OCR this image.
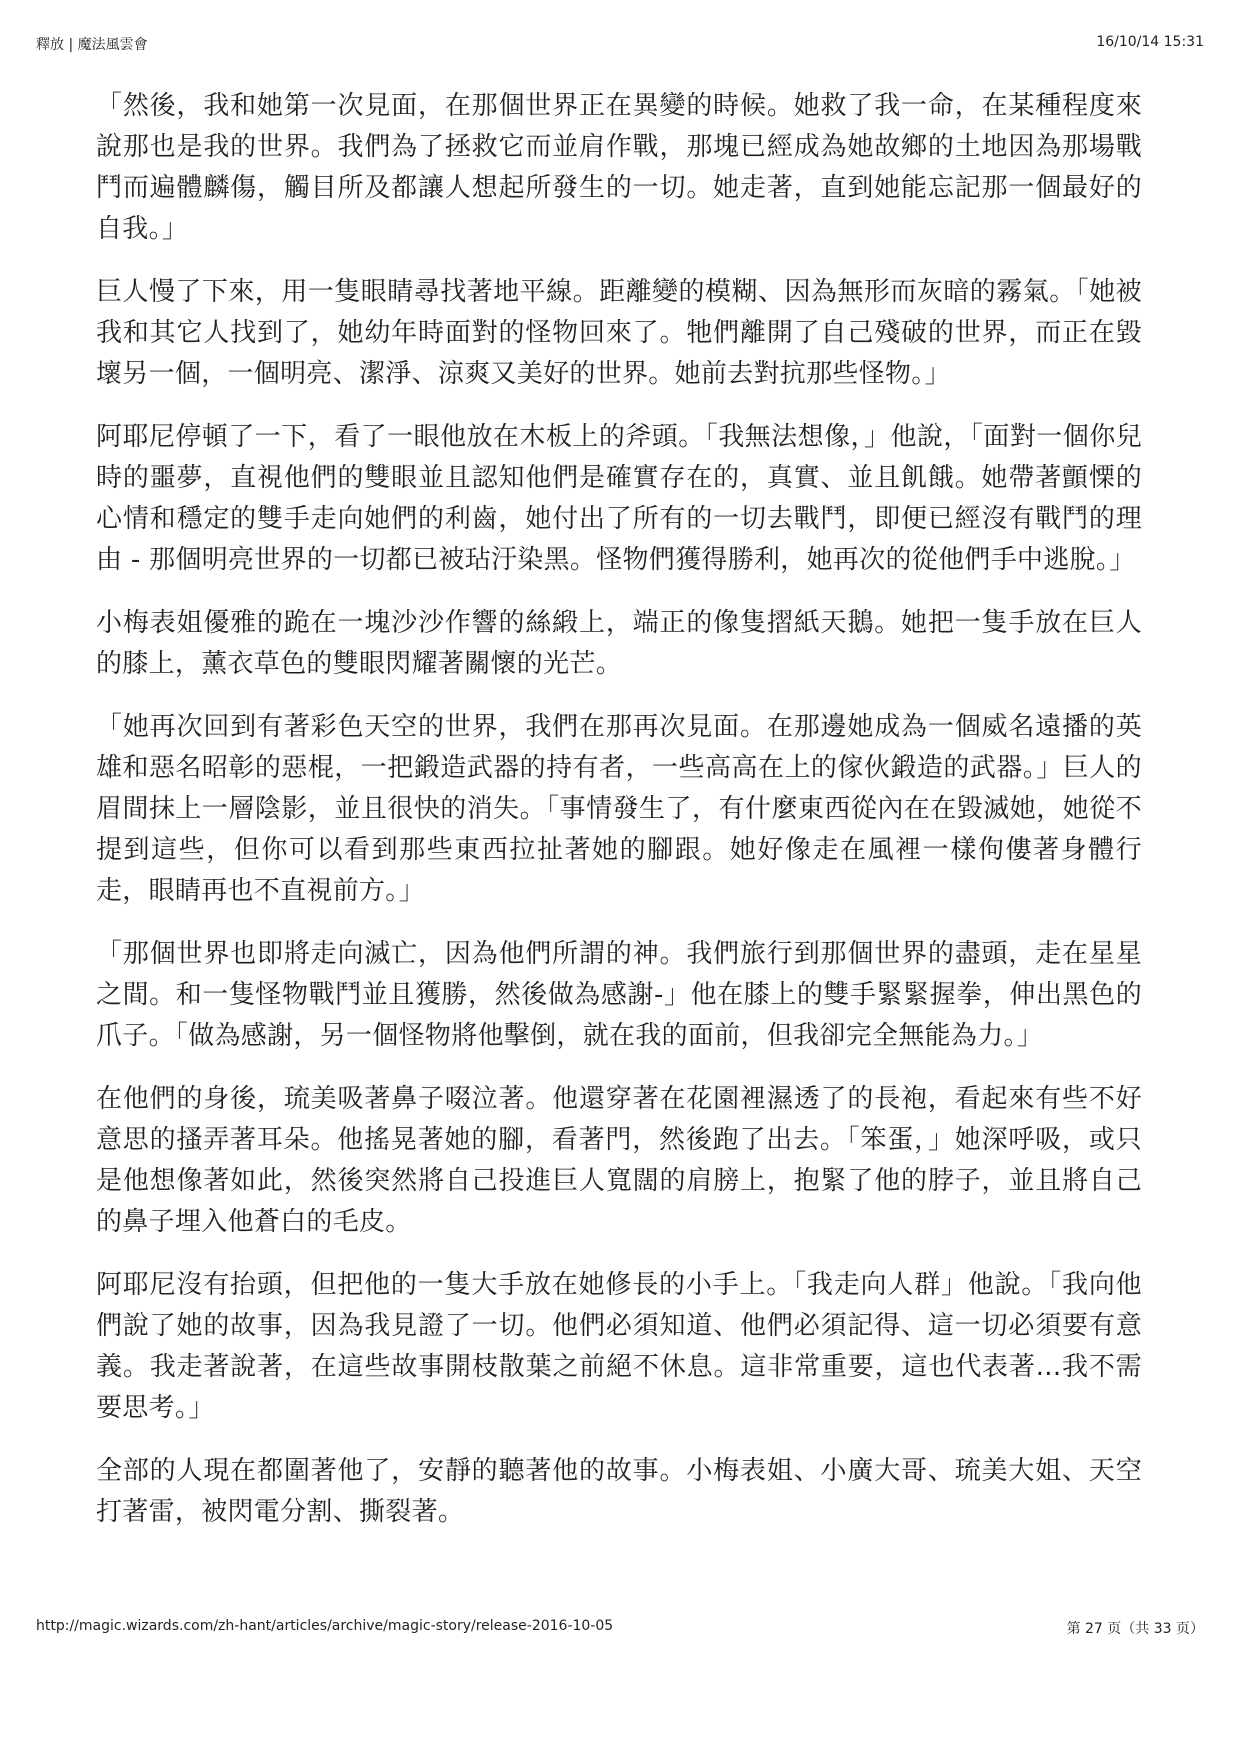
釋放 | 魔法風雲會	16/10/14 15:31

「然後，我和她第一次見面，在那個世界正在異變的時候。她救了我一命，在某種程度來說那也是我的世界。我們為了拯救它而並肩作戰，那塊已經成為她故鄉的土地因為那場戰鬥而遍體麟傷，觸目所及都讓人想起所發生的一切。她走著，直到她能忘記那一個最好的自我。」

巨人慢了下來，用一隻眼睛尋找著地平線。距離變的模糊、因為無形而灰暗的霧氣。「她被我和其它人找到了，她幼年時面對的怪物回來了。牠們離開了自己殘破的世界，而正在毀壞另一個，一個明亮、潔淨、涼爽又美好的世界。她前去對抗那些怪物。」

阿耶尼停頓了一下，看了一眼他放在木板上的斧頭。「我無法想像，」他說，「面對一個你兒時的噩夢，直視他們的雙眼並且認知他們是確實存在的，真實、並且飢餓。她帶著顫慄的心情和穩定的雙手走向她們的利齒，她付出了所有的一切去戰鬥，即便已經沒有戰鬥的理由 - 那個明亮世界的一切都已被玷汙染黑。怪物們獲得勝利，她再次的從他們手中逃脫。」

小梅表姐優雅的跪在一塊沙沙作響的絲緞上，端正的像隻摺紙天鵝。她把一隻手放在巨人的膝上，薰衣草色的雙眼閃耀著關懷的光芒。

「她再次回到有著彩色天空的世界，我們在那再次見面。在那邊她成為一個威名遠播的英雄和惡名昭彰的惡棍，一把鍛造武器的持有者，一些高高在上的傢伙鍛造的武器。」巨人的眉間抹上一層陰影，並且很快的消失。「事情發生了，有什麼東西從內在在毀滅她，她從不提到這些，但你可以看到那些東西拉扯著她的腳跟。她好像走在風裡一樣佝僂著身體行走，眼睛再也不直視前方。」

「那個世界也即將走向滅亡，因為他們所謂的神。我們旅行到那個世界的盡頭，走在星星之間。和一隻怪物戰鬥並且獲勝，然後做為感謝-」他在膝上的雙手緊緊握拳，伸出黑色的爪子。「做為感謝，另一個怪物將他擊倒，就在我的面前，但我卻完全無能為力。」

在他們的身後，琉美吸著鼻子啜泣著。他還穿著在花園裡濕透了的長袍，看起來有些不好意思的搔弄著耳朵。他搖晃著她的腳，看著門，然後跑了出去。「笨蛋，」她深呼吸，或只是他想像著如此，然後突然將自己投進巨人寬闊的肩膀上，抱緊了他的脖子，並且將自己的鼻子埋入他蒼白的毛皮。

阿耶尼沒有抬頭，但把他的一隻大手放在她修長的小手上。「我走向人群」他說。「我向他們說了她的故事，因為我見證了一切。他們必須知道、他們必須記得、這一切必須要有意義。我走著說著，在這些故事開枝散葉之前絕不休息。這非常重要，這也代表著...我不需要思考。」

全部的人現在都圍著他了，安靜的聽著他的故事。小梅表姐、小廣大哥、琉美大姐、天空打著雷，被閃電分割、撕裂著。

http://magic.wizards.com/zh-hant/articles/archive/magic-story/release-2016-10-05	第 27 页（共 33 页）
